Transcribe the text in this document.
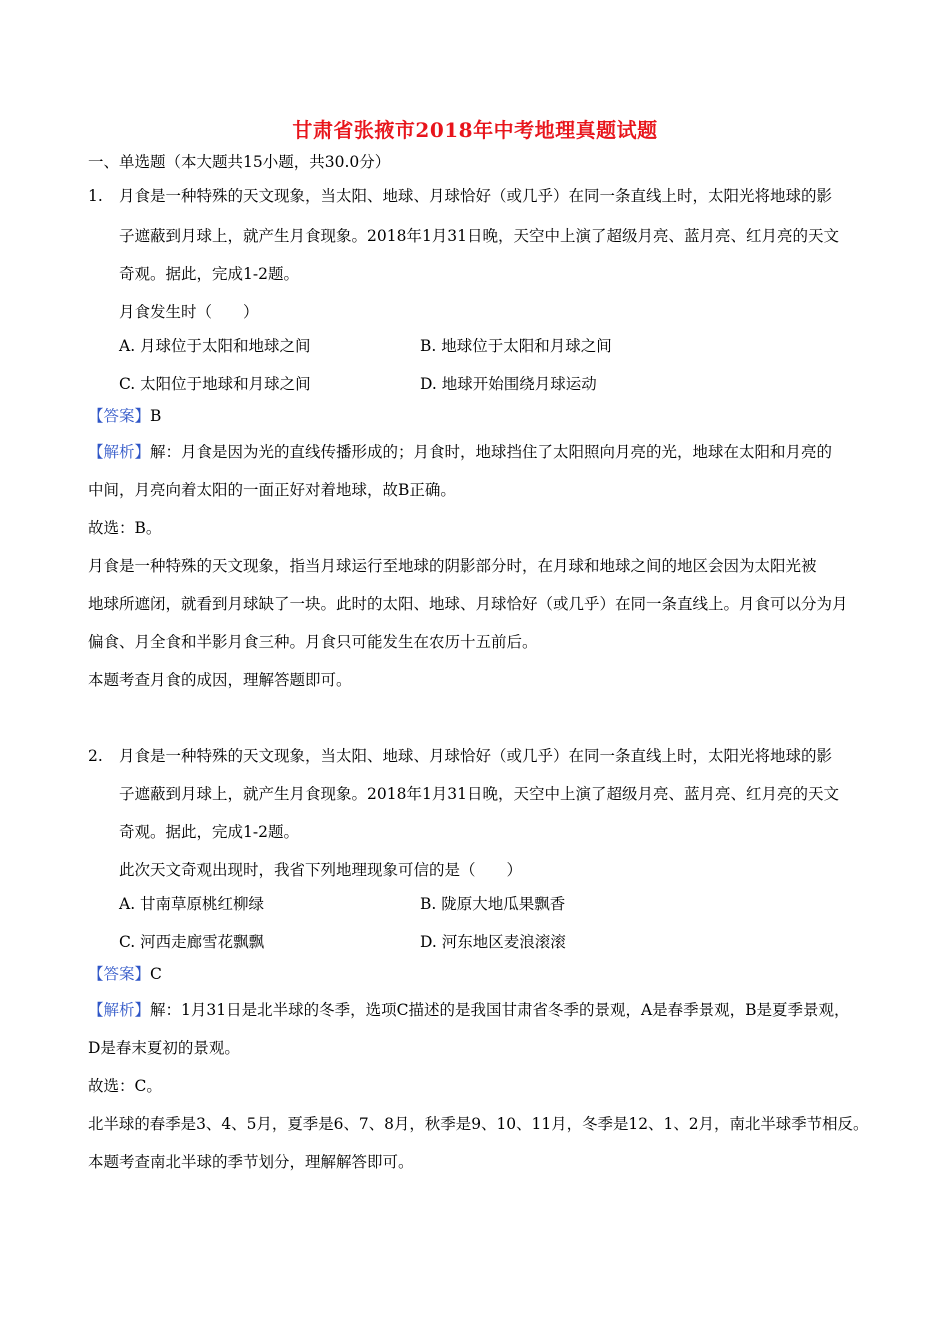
甘肃省张掖市2018年中考地理真题试题
一、单选题（本大题共15小题，共30.0分）
1. 月食是一种特殊的天文现象，当太阳、地球、月球恰好（或几乎）在同一条直线上时，太阳光将地球的影
子遮蔽到月球上，就产生月食现象。2018年1月31日晚，天空中上演了超级月亮、蓝月亮、红月亮的天文
奇观。据此，完成1-2题。
月食发生时（　　）
A. 月球位于太阳和地球之间	B. 地球位于太阳和月球之间
C. 太阳位于地球和月球之间	D. 地球开始围绕月球运动
【答案】B
【解析】解：月食是因为光的直线传播形成的；月食时，地球挡住了太阳照向月亮的光，地球在太阳和月亮的
中间，月亮向着太阳的一面正好对着地球，故B正确。
故选：B。
月食是一种特殊的天文现象，指当月球运行至地球的阴影部分时，在月球和地球之间的地区会因为太阳光被
地球所遮闭，就看到月球缺了一块。此时的太阳、地球、月球恰好（或几乎）在同一条直线上。月食可以分为月
偏食、月全食和半影月食三种。月食只可能发生在农历十五前后。
本题考查月食的成因，理解答题即可。
2. 月食是一种特殊的天文现象，当太阳、地球、月球恰好（或几乎）在同一条直线上时，太阳光将地球的影
子遮蔽到月球上，就产生月食现象。2018年1月31日晚，天空中上演了超级月亮、蓝月亮、红月亮的天文
奇观。据此，完成1-2题。
此次天文奇观出现时，我省下列地理现象可信的是（　　）
A. 甘南草原桃红柳绿	B. 陇原大地瓜果飘香
C. 河西走廊雪花飘飘	D. 河东地区麦浪滚滚
【答案】C
【解析】解：1月31日是北半球的冬季，选项C描述的是我国甘肃省冬季的景观，A是春季景观，B是夏季景观，
D是春末夏初的景观。
故选：C。
北半球的春季是3、4、5月，夏季是6、7、8月，秋季是9、10、11月，冬季是12、1、2月，南北半球季节相反。
本题考查南北半球的季节划分，理解解答即可。
